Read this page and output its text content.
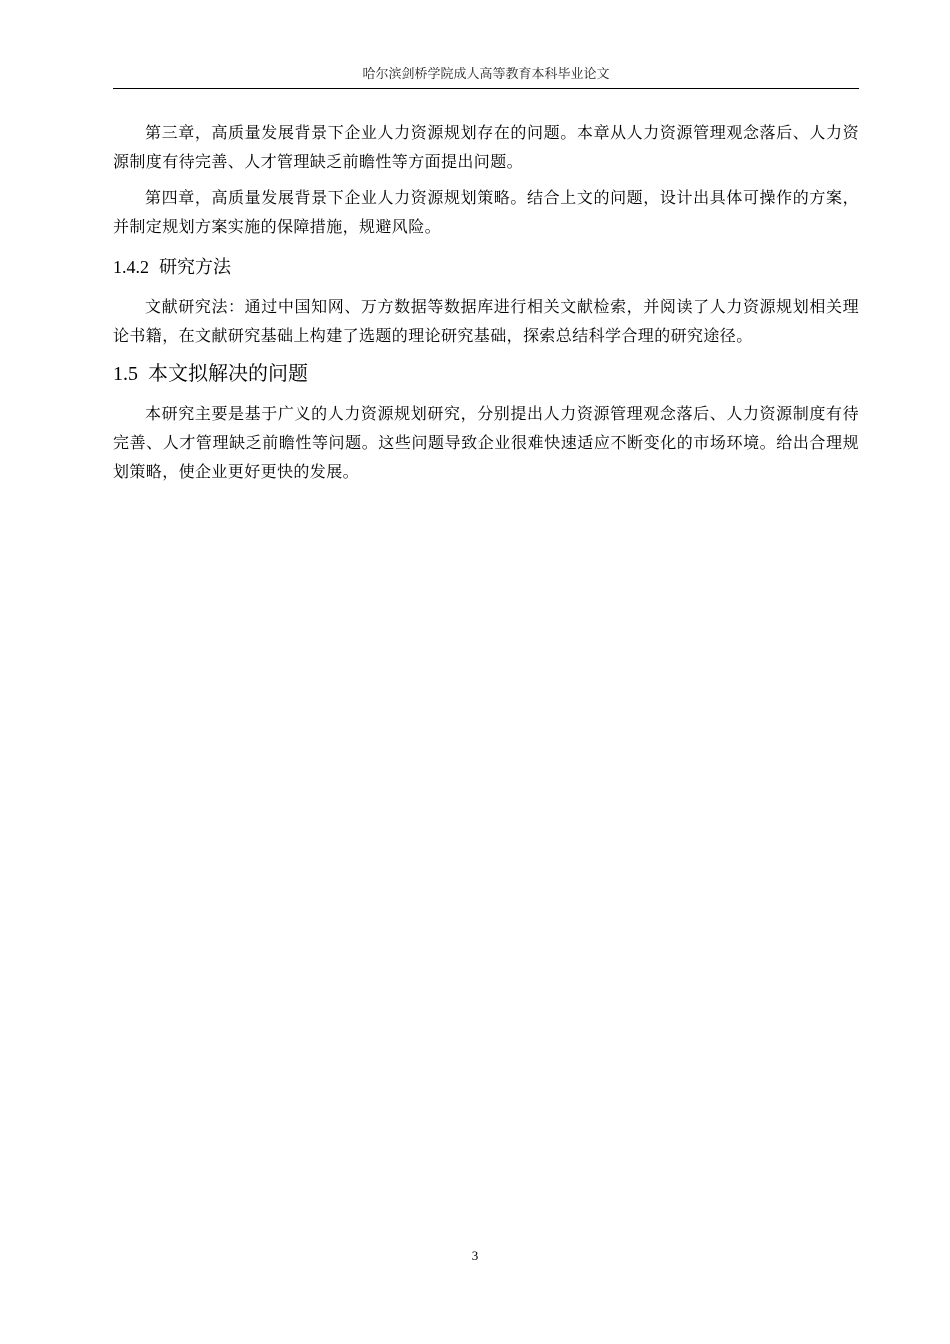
哈尔滨剑桥学院成人高等教育本科毕业论文

第三章，高质量发展背景下企业人力资源规划存在的问题。本章从人力资源管理观念落后、人力资源制度有待完善、人才管理缺乏前瞻性等方面提出问题。

第四章，高质量发展背景下企业人力资源规划策略。结合上文的问题，设计出具体可操作的方案，并制定规划方案实施的保障措施，规避风险。

1.4.2 研究方法

文献研究法：通过中国知网、万方数据等数据库进行相关文献检索，并阅读了人力资源规划相关理论书籍，在文献研究基础上构建了选题的理论研究基础，探索总结科学合理的研究途径。

1.5 本文拟解决的问题

本研究主要是基于广义的人力资源规划研究，分别提出人力资源管理观念落后、人力资源制度有待完善、人才管理缺乏前瞻性等问题。这些问题导致企业很难快速适应不断变化的市场环境。给出合理规划策略，使企业更好更快的发展。

3
